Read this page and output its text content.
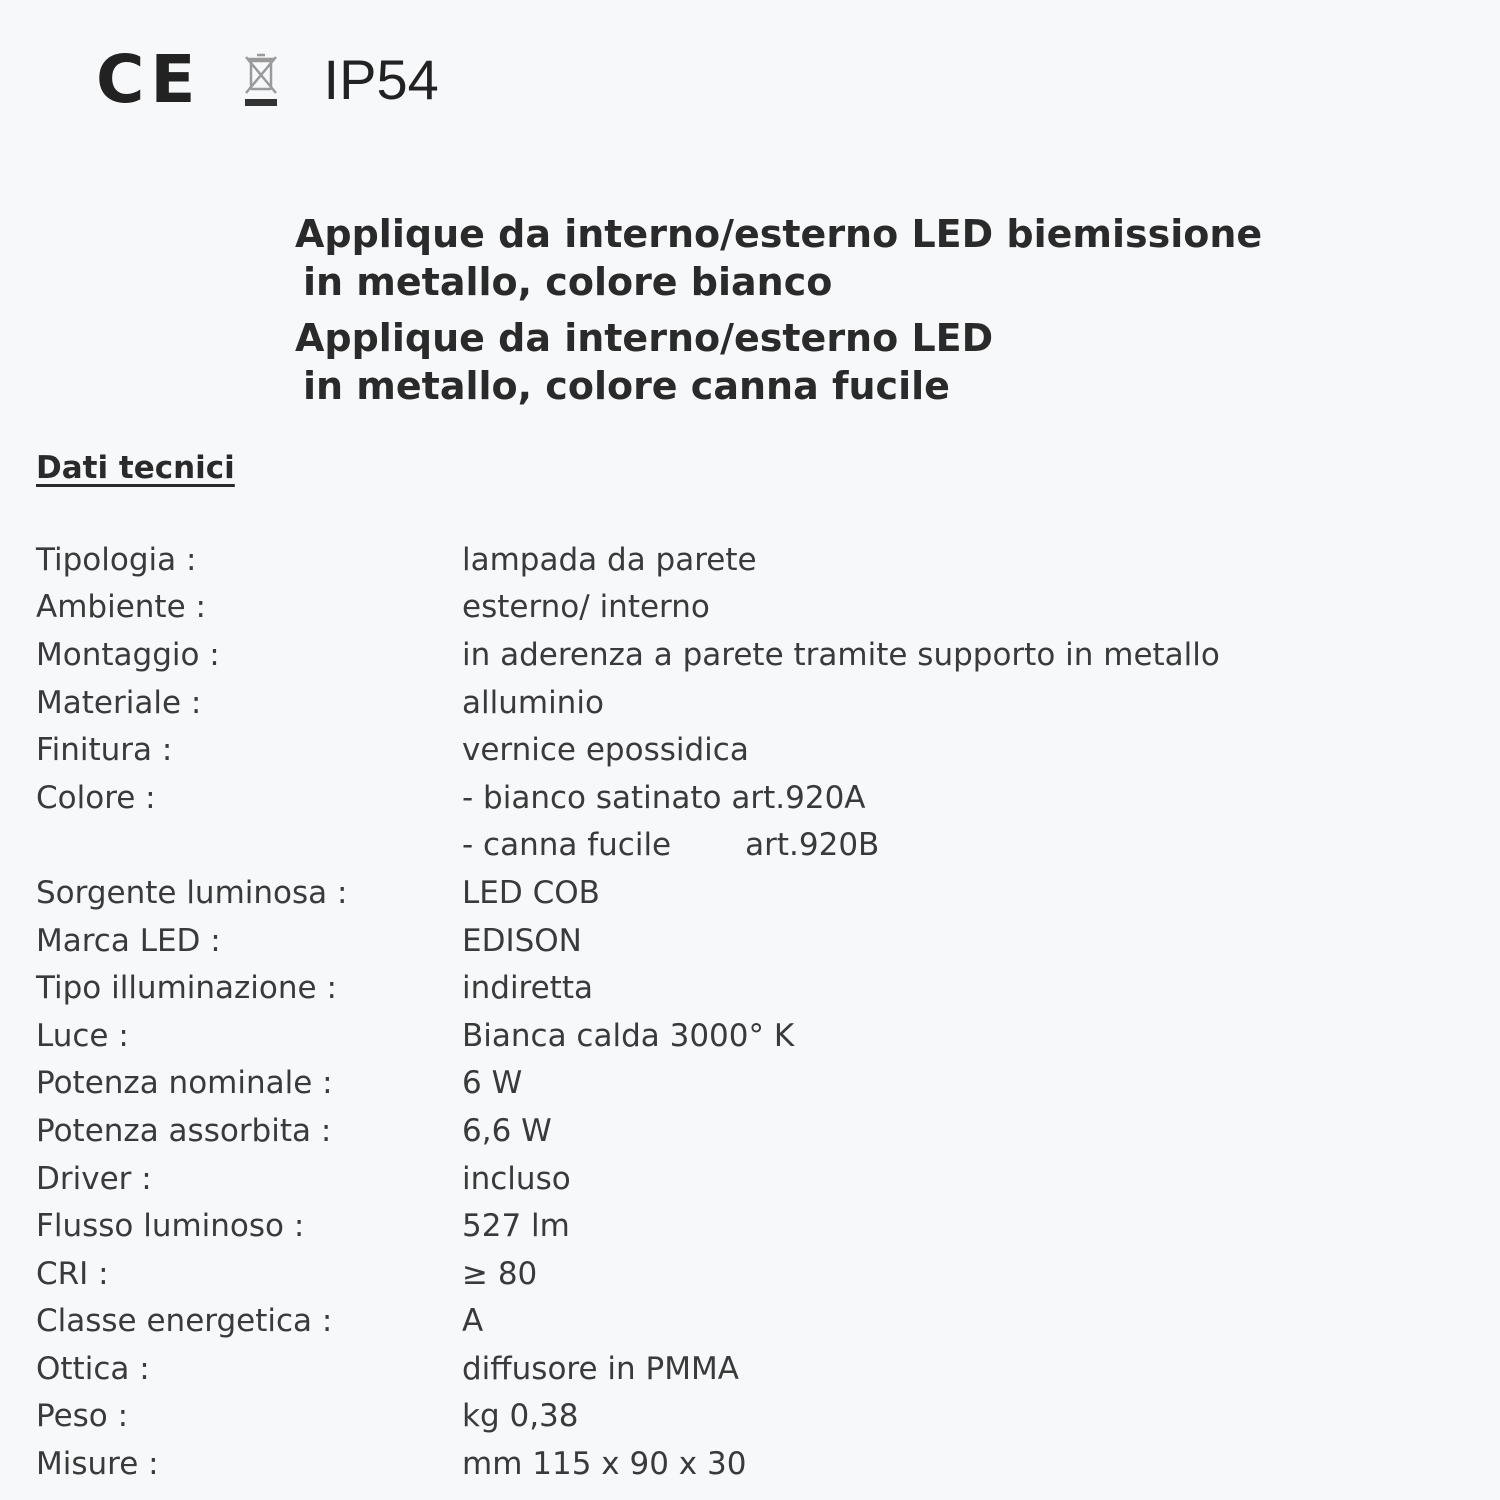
CE IP54
Applique da interno/esterno LED biemissione
in metallo, colore bianco
Applique da interno/esterno LED
in metallo, colore canna fucile
Dati tecnici
Tipologia :	lampada da parete
Ambiente :	esterno/ interno
Montaggio :	in aderenza a parete tramite supporto in metallo
Materiale :	alluminio
Finitura :	vernice epossidica
Colore :	- bianco satinato art.920A
- canna fucile art.920B
Sorgente luminosa :	LED COB
Marca LED :	EDISON
Tipo illuminazione :	indiretta
Luce :	Bianca calda 3000° K
Potenza nominale :	6 W
Potenza assorbita :	6,6 W
Driver :	incluso
Flusso luminoso :	527 lm
CRI :	≥ 80
Classe energetica :	A
Ottica :	diffusore in PMMA
Peso :	kg 0,38
Misure :	mm 115 x 90 x 30
